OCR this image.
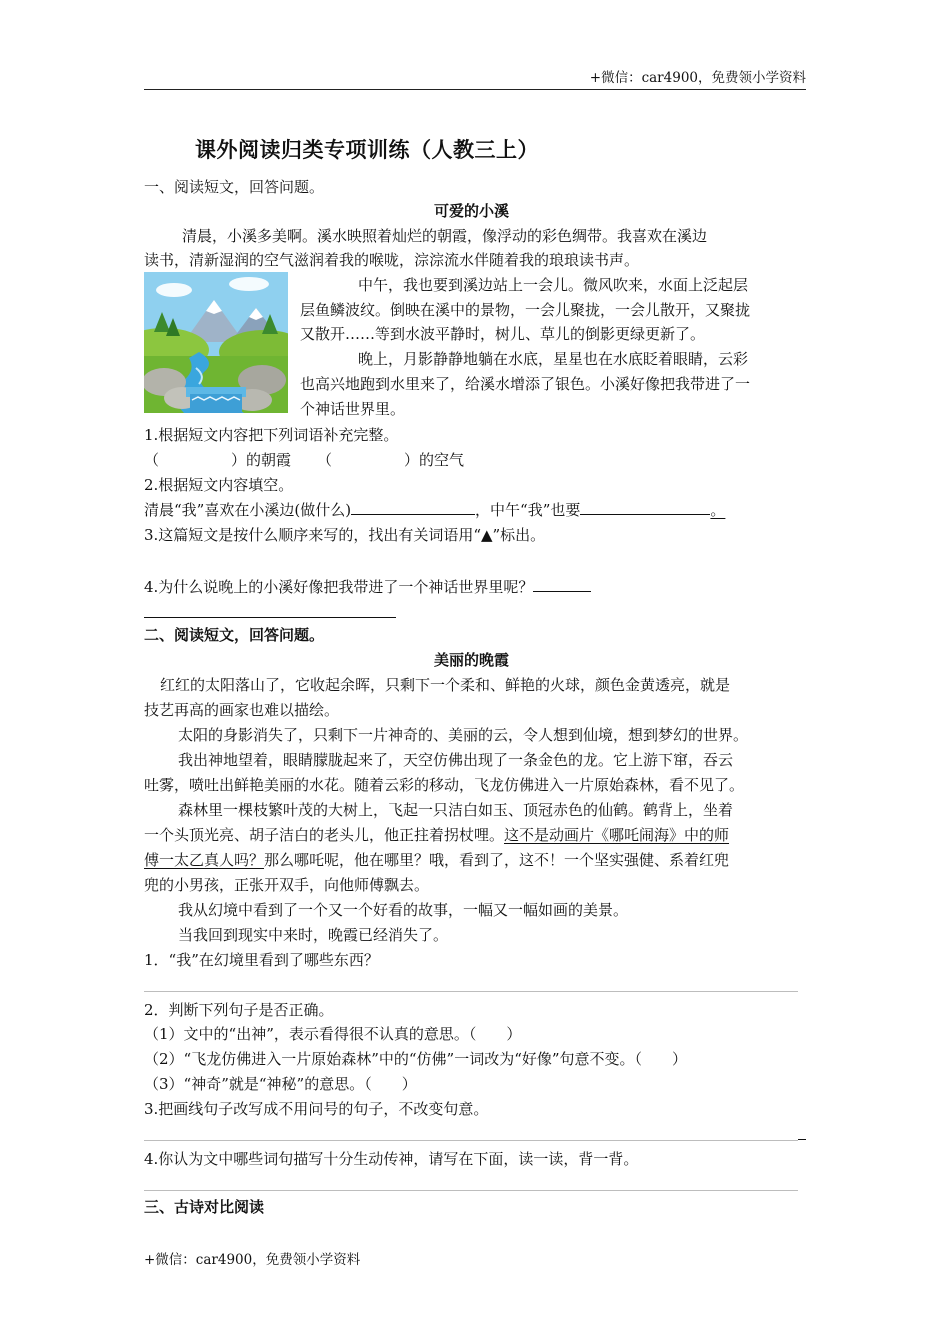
+微信：car4900，免费领小学资料
课外阅读归类专项训练（人教三上）
一、阅读短文，回答问题。
可爱的小溪
清晨，小溪多美啊。溪水映照着灿烂的朝霞，像浮动的彩色绸带。我喜欢在溪边
读书，清新湿润的空气滋润着我的喉咙，淙淙流水伴随着我的琅琅读书声。
中午，我也要到溪边站上一会儿。微风吹来，水面上泛起层
层鱼鳞波纹。倒映在溪中的景物，一会儿聚拢，一会儿散开，又聚拢
又散开……等到水波平静时，树儿、草儿的倒影更绿更新了。
晚上，月影静静地躺在水底，星星也在水底眨着眼睛，云彩
也高兴地跑到水里来了，给溪水增添了银色。小溪好像把我带进了一
个神话世界里。
1.根据短文内容把下列词语补充完整。
（	）的朝霞 （	）的空气
2.根据短文内容填空。
清晨“我”喜欢在小溪边(做什么)	，中午“我”也要	。
3.这篇短文是按什么顺序来写的，找出有关词语用“▲”标出。
4.为什么说晚上的小溪好像把我带进了一个神话世界里呢？
二、阅读短文，回答问题。
美丽的晚霞
红红的太阳落山了，它收起余晖，只剩下一个柔和、鲜艳的火球，颜色金黄透亮，就是
技艺再高的画家也难以描绘。
太阳的身影消失了，只剩下一片神奇的、美丽的云，令人想到仙境，想到梦幻的世界。
我出神地望着，眼睛朦胧起来了，天空仿佛出现了一条金色的龙。它上游下窜，吞云
吐雾，喷吐出鲜艳美丽的水花。随着云彩的移动，飞龙仿佛进入一片原始森林，看不见了。
森林里一棵枝繁叶茂的大树上，飞起一只洁白如玉、顶冠赤色的仙鹤。鹤背上，坐着
一个头顶光亮、胡子洁白的老头儿，他正拄着拐杖哩。这不是动画片《哪吒闹海》中的师
傅一太乙真人吗？那么哪吒呢，他在哪里？哦，看到了，这不！一个坚实强健、系着红兜
兜的小男孩，正张开双手，向他师傅飘去。
我从幻境中看到了一个又一个好看的故事，一幅又一幅如画的美景。
当我回到现实中来时，晚霞已经消失了。
1．“我”在幻境里看到了哪些东西？
2．判断下列句子是否正确。
（1）文中的“出神”，表示看得很不认真的意思。（　　）
（2）“飞龙仿佛进入一片原始森林”中的“仿佛”一词改为“好像”句意不变。（　　）
（3）“神奇”就是“神秘”的意思。（　　）
3.把画线句子改写成不用问号的句子，不改变句意。
4.你认为文中哪些词句描写十分生动传神，请写在下面，读一读，背一背。
三、古诗对比阅读
+微信：car4900，免费领小学资料
